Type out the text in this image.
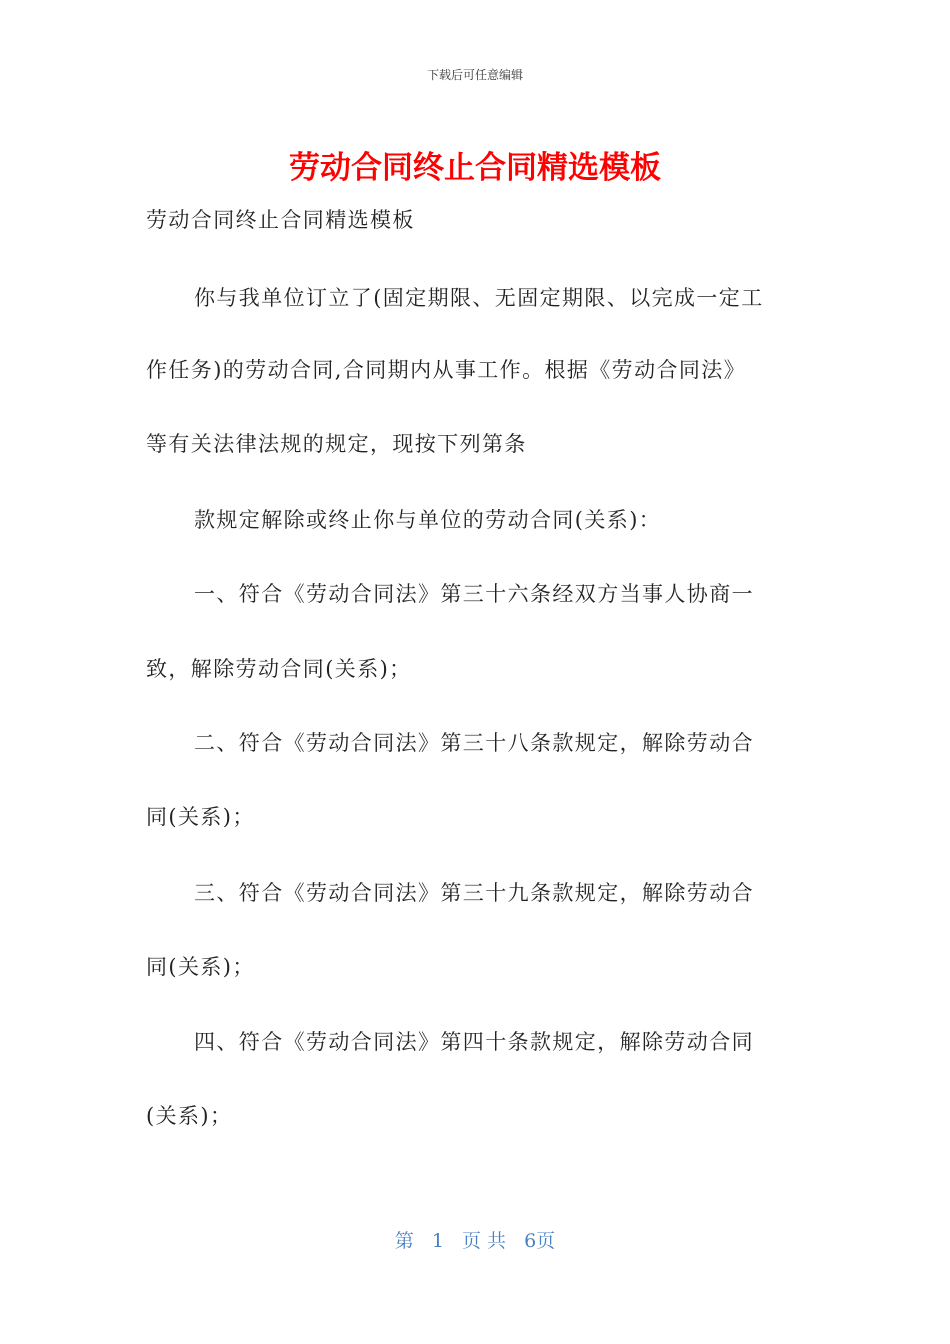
下载后可任意编辑
劳动合同终止合同精选模板
劳动合同终止合同精选模板
你与我单位订立了(固定期限、无固定期限、以完成一定工
作任务)的劳动合同,合同期内从事工作。根据《劳动合同法》
等有关法律法规的规定，现按下列第条
款规定解除或终止你与单位的劳动合同(关系)：
一、符合《劳动合同法》第三十六条经双方当事人协商一
致，解除劳动合同(关系)；
二、符合《劳动合同法》第三十八条款规定，解除劳动合
同(关系)；
三、符合《劳动合同法》第三十九条款规定，解除劳动合
同(关系)；
四、符合《劳动合同法》第四十条款规定，解除劳动合同
(关系)；
第 1 页 共 6页
